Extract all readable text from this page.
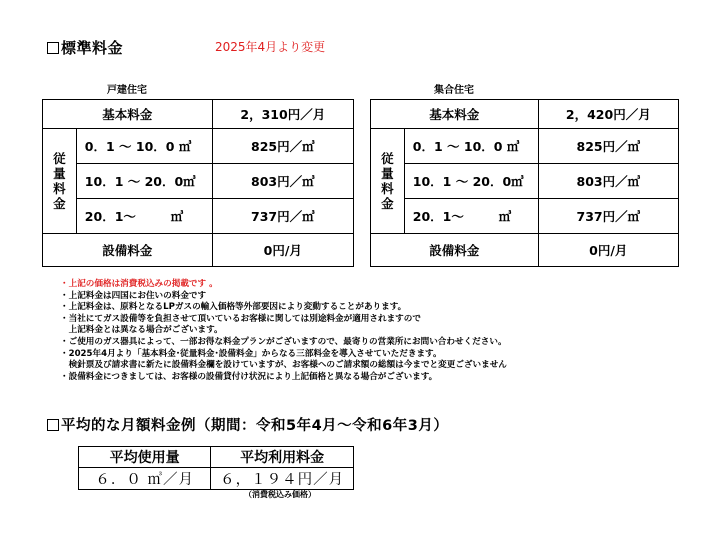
標準料金	2025年4月より変更
戸建住宅	集合住宅
基本料金		2，310円／月

従
量
料
金	0．1 ～ 10．0 ㎥	825円／㎥
	10．1 ～ 20．0㎥	803円／㎥
	20．1～        ㎥	737円／㎥
設備料金		0円/月
基本料金		2，420円／月

従
量
料
金	0．1 ～ 10．0 ㎥	825円／㎥
	10．1 ～ 20．0㎥	803円／㎥
	20．1～        ㎥	737円／㎥
設備料金		0円/月
・上記の価格は消費税込みの掲載です 。
・上記料金は四国にお住いの料金です
・上記料金は、原料となるLPガスの輸入価格等外部要因により変動することがあります。
・当社にてガス設備等を負担させて頂いているお客様に関しては別途料金が適用されますので
　上記料金とは異なる場合がございます。
・ご使用のガス器具によって、一部お得な料金プランがございますので、最寄りの営業所にお問い合わせください。
・2025年4月より「基本料金･従量料金･設備料金」からなる三部料金を導入させていただきます。
　検針票及び請求書に新たに設備料金欄を設けていますが、お客様へのご請求額の総額は今までと変更ございません
・設備料金につきましては、お客様の設備貸付け状況により上記価格と異なる場合がございます。
平均的な月額料金例（期間：令和5年4月～令和6年3月）
平均使用量	平均利用料金
６．０ ㎥／月	６，１９４円／月
（消費税込み価格）
